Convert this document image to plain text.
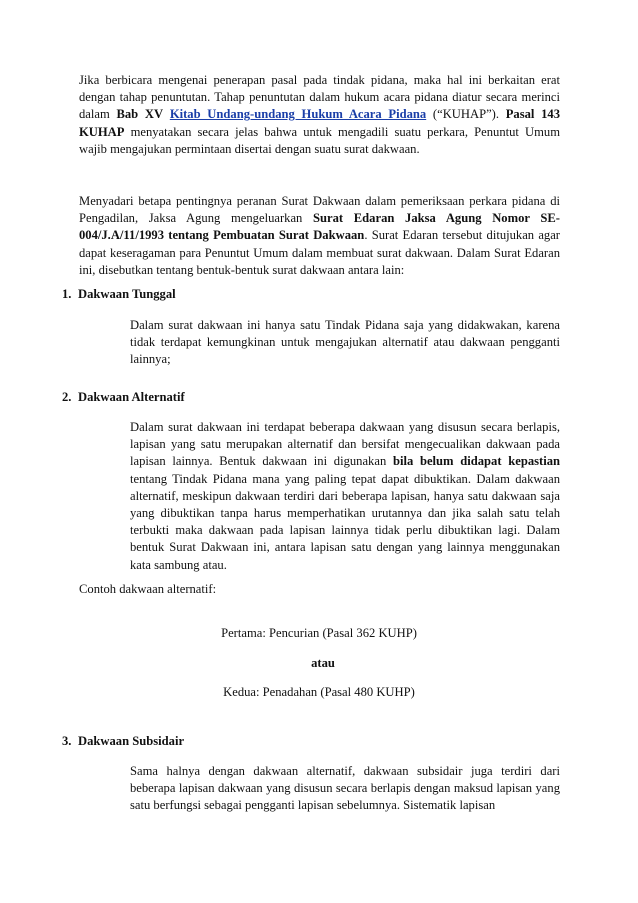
Jika berbicara mengenai penerapan pasal pada tindak pidana, maka hal ini berkaitan erat dengan tahap penuntutan. Tahap penuntutan dalam hukum acara pidana diatur secara merinci dalam Bab XV Kitab Undang-undang Hukum Acara Pidana (“KUHAP”). Pasal 143 KUHAP menyatakan secara jelas bahwa untuk mengadili suatu perkara, Penuntut Umum wajib mengajukan permintaan disertai dengan suatu surat dakwaan.

Menyadari betapa pentingnya peranan Surat Dakwaan dalam pemeriksaan perkara pidana di Pengadilan, Jaksa Agung mengeluarkan Surat Edaran Jaksa Agung Nomor SE-004/J.A/11/1993 tentang Pembuatan Surat Dakwaan. Surat Edaran tersebut ditujukan agar dapat keseragaman para Penuntut Umum dalam membuat surat dakwaan. Dalam Surat Edaran ini, disebutkan tentang bentuk-bentuk surat dakwaan antara lain:

1. Dakwaan Tunggal

Dalam surat dakwaan ini hanya satu Tindak Pidana saja yang didakwakan, karena tidak terdapat kemungkinan untuk mengajukan alternatif atau dakwaan pengganti lainnya;

2. Dakwaan Alternatif

Dalam surat dakwaan ini terdapat beberapa dakwaan yang disusun secara berlapis, lapisan yang satu merupakan alternatif dan bersifat mengecualikan dakwaan pada lapisan lainnya. Bentuk dakwaan ini digunakan bila belum didapat kepastian tentang Tindak Pidana mana yang paling tepat dapat dibuktikan. Dalam dakwaan alternatif, meskipun dakwaan terdiri dari beberapa lapisan, hanya satu dakwaan saja yang dibuktikan tanpa harus memperhatikan urutannya dan jika salah satu telah terbukti maka dakwaan pada lapisan lainnya tidak perlu dibuktikan lagi. Dalam bentuk Surat Dakwaan ini, antara lapisan satu dengan yang lainnya menggunakan kata sambung atau.

Contoh dakwaan alternatif:

Pertama: Pencurian (Pasal 362 KUHP)
atau
Kedua: Penadahan (Pasal 480 KUHP)
3. Dakwaan Subsidair

Sama halnya dengan dakwaan alternatif, dakwaan subsidair juga terdiri dari beberapa lapisan dakwaan yang disusun secara berlapis dengan maksud lapisan yang satu berfungsi sebagai pengganti lapisan sebelumnya. Sistematik lapisan
